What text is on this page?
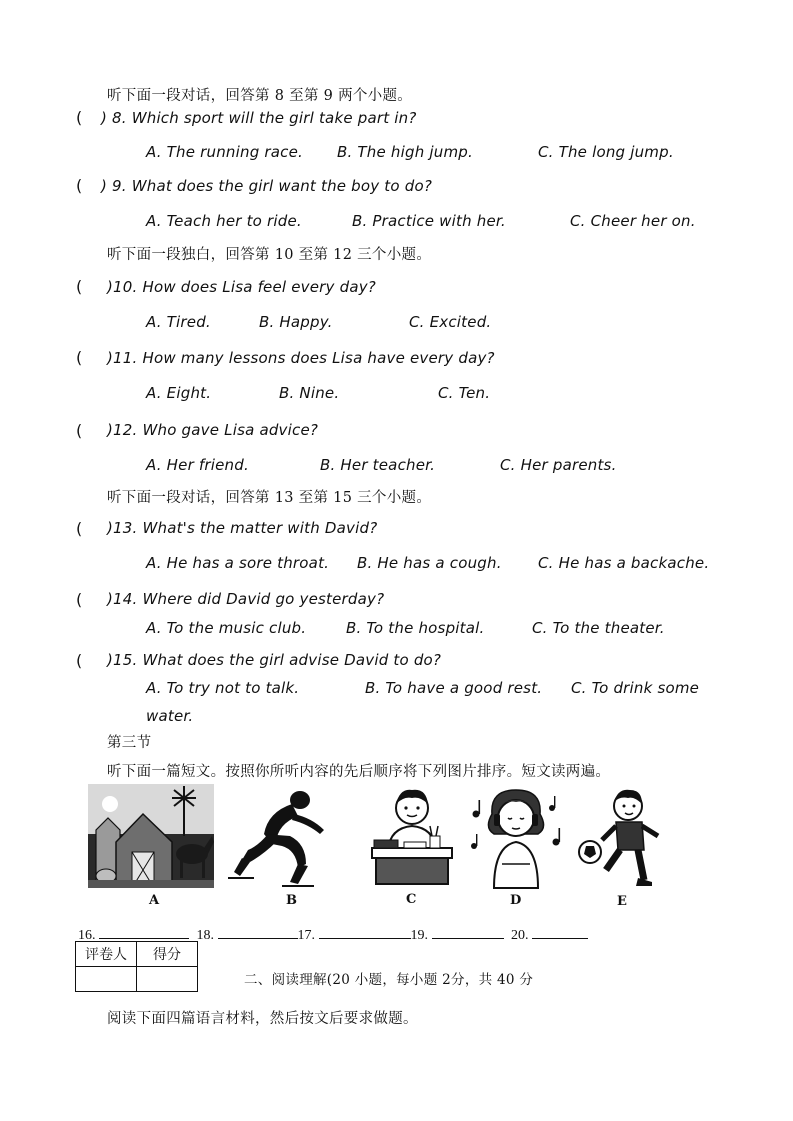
听下面一段对话，回答第 8 至第 9 两个小题。
( ) 8. Which sport will the girl take part in?
A. The running race. B. The high jump.	C. The long jump.
( ) 9. What does the girl want the boy to do?
A. Teach her to ride.	B. Practice with her.	C. Cheer her on.
听下面一段独白，回答第 10 至第 12 三个小题。
( )10. How does Lisa feel every day?
A. Tired.	B. Happy.	C. Excited.
( )11. How many lessons does Lisa have every day?
A. Eight.	B. Nine.	C. Ten.
( )12. Who gave Lisa advice?
A. Her friend.	B. Her teacher.	C. Her parents.
听下面一段对话，回答第 13 至第 15 三个小题。
( )13. What's the matter with David?
A. He has a sore throat. B. He has a cough. C. He has a backache.
( )14. Where did David go yesterday?
A. To the music club.	B. To the hospital.	C. To the theater.
( )15. What does the girl advise David to do?
A. To try not to talk.	B. To have a good rest. C. To drink some
water.
第三节
听下面一篇短文。按照你所听内容的先后顺序将下列图片排序。短文读两遍。
A	B	C	D	E
16.	18.	17.	19.	20.
评卷人	得分

二、阅读理解(20 小题，每小题 2分，共 40 分
阅读下面四篇语言材料，然后按文后要求做题。
